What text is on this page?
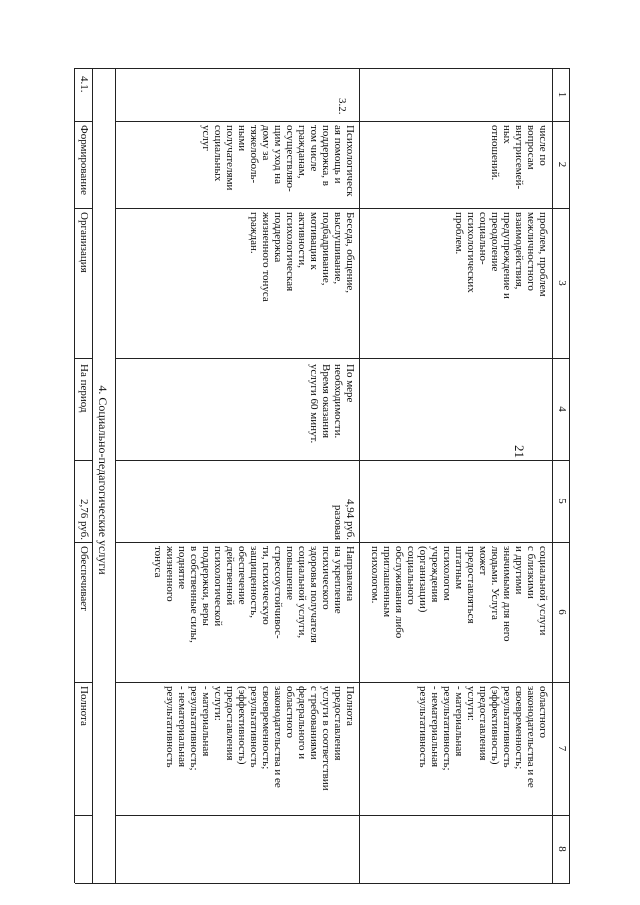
21
1
2
3
4
5
6
7
8
числе по
вопросам
внутрисемей-
ных
отношений.
проблем, проблем
межличностного
взаимодействия,
предупреждение и
преодоление
социально-
психологических
проблем.
социальной услуги
с близкими
и другими
значимыми для него
людьми. Услуга
может
предоставляться
штатным
психологом
учреждения
(организации)
социального
обслуживания либо
приглашенным
психологом.
областного
законодательства и ее
своевременность;
результативность
(эффективность)
предоставления
услуги:
- материальная
результативность;
- нематериальная
результативность
3.2.
Психологическ
ая помощь и
поддержка, в
том числе
гражданам,
осуществляю-
щим уход на
дому за
тяжелоболь-
ными
получателями
социальных
услуг
Беседа, общение,
выслушивание,
подбадривание,
мотивация к
активности,
психологическая
поддержка
жизненного тонуса
граждан.
По мере
необходимости.
Время оказания
услуги 60 минут.
4,94 руб.
разовая
Направлена
на укрепление
психического
здоровья получателя
социальной услуги,
повышение
стрессоустойчивос-
ти, психическую
защищенность,
обеспечение
действенной
психологической
поддержки, веры
в собственные силы,
поднятие
жизненного
тонуса
Полнота
предоставления
услуги в соответствии
с требованиями
федерального и
областного
законодательства и ее
своевременность;
результативность
(эффективность)
предоставления
услуги:
- материальная
результативность;
- нематериальная
результативность
4. Социально-педагогические услуги
4.1.
Формирование
Организация
На период
2,76 руб.
Обеспечивает
Полнота
